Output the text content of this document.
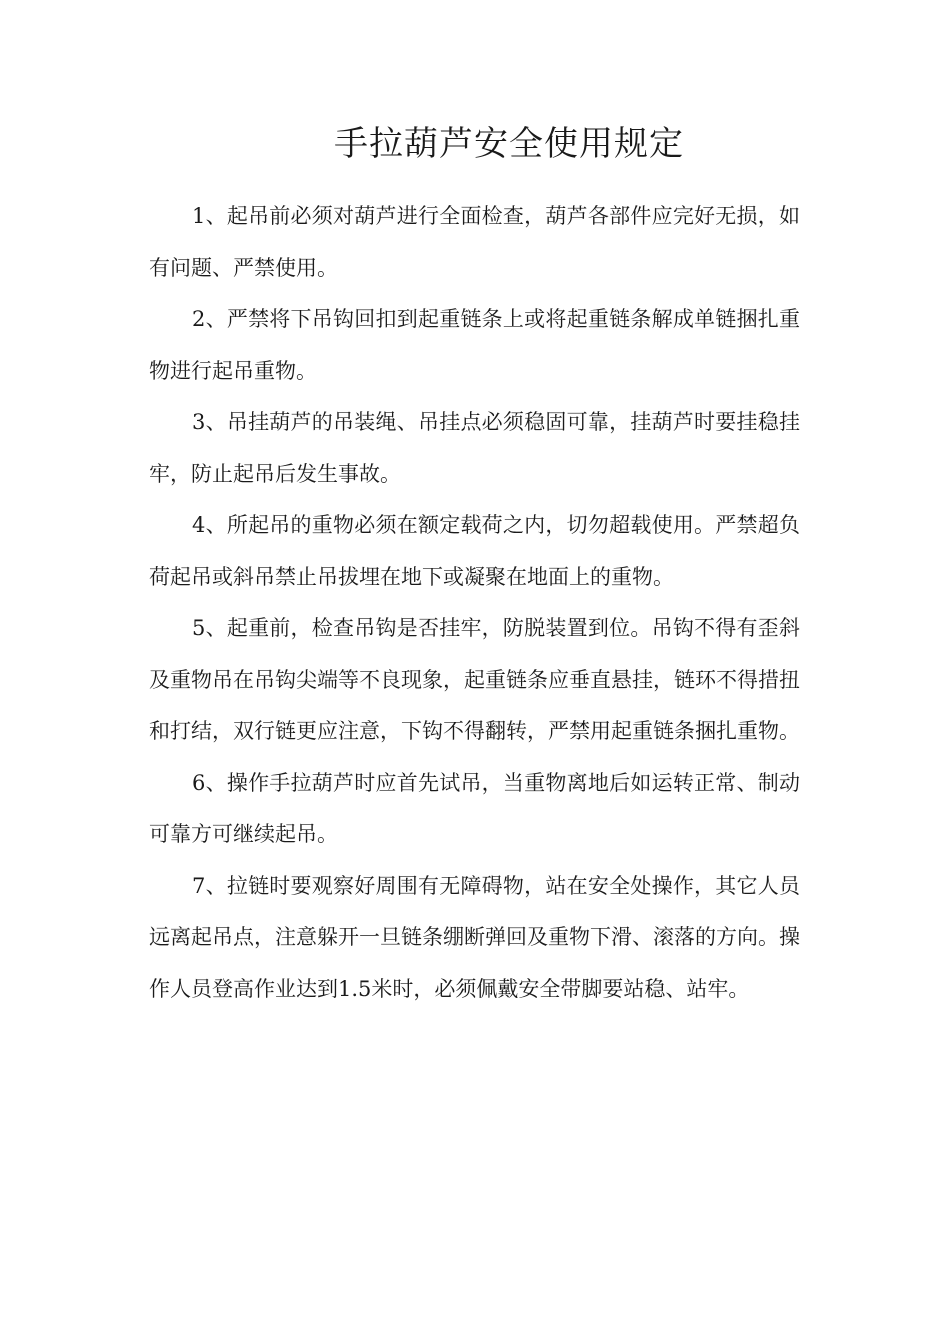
手拉葫芦安全使用规定

1、起吊前必须对葫芦进行全面检查，葫芦各部件应完好无损，如有问题、严禁使用。

2、严禁将下吊钩回扣到起重链条上或将起重链条解成单链捆扎重物进行起吊重物。

3、吊挂葫芦的吊装绳、吊挂点必须稳固可靠，挂葫芦时要挂稳挂牢，防止起吊后发生事故。

4、所起吊的重物必须在额定载荷之内，切勿超载使用。严禁超负荷起吊或斜吊禁止吊拔埋在地下或凝聚在地面上的重物。

5、起重前，检查吊钩是否挂牢，防脱装置到位。吊钩不得有歪斜及重物吊在吊钩尖端等不良现象，起重链条应垂直悬挂，链环不得措扭和打结，双行链更应注意，下钩不得翻转，严禁用起重链条捆扎重物。

6、操作手拉葫芦时应首先试吊，当重物离地后如运转正常、制动可靠方可继续起吊。

7、拉链时要观察好周围有无障碍物，站在安全处操作，其它人员远离起吊点，注意躲开一旦链条绷断弹回及重物下滑、滚落的方向。操作人员登高作业达到1.5米时，必须佩戴安全带脚要站稳、站牢。
